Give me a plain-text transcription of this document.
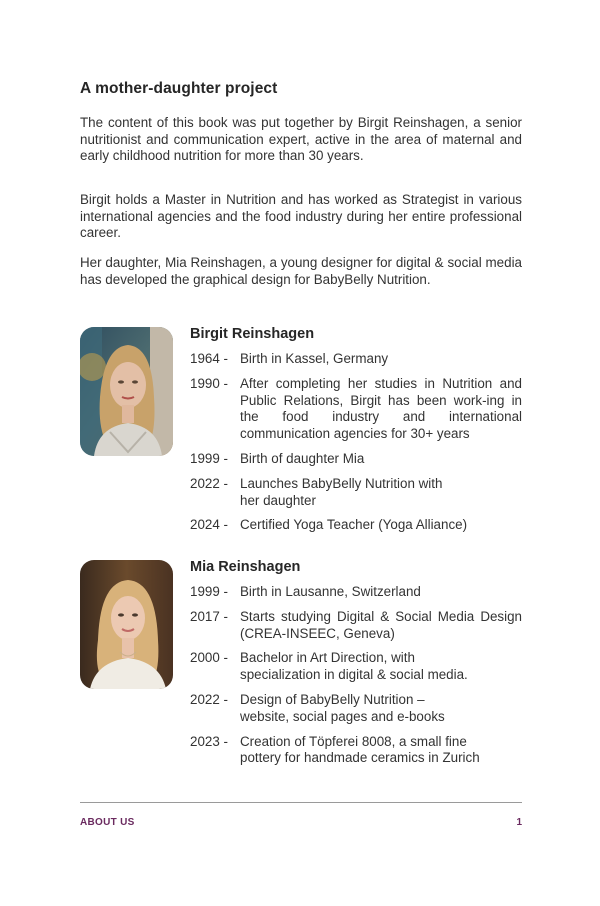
A mother-daughter project

The content of this book was put together by Birgit Reinshagen, a senior nutritionist and communication expert, active in the area of maternal and early childhood nutrition for more than 30 years.

Birgit holds a Master in Nutrition and has worked as Strategist in various international agencies and the food industry during her entire professional career.

Her daughter, Mia Reinshagen, a young designer for digital & social media has developed the graphical design for BabyBelly Nutrition.

Birgit Reinshagen
1964 - Birth in Kassel, Germany
1990 - After completing her studies in Nutrition and Public Relations, Birgit has been work-ing in the food industry and international communication agencies for 30+ years
1999 - Birth of daughter Mia
2022 - Launches BabyBelly Nutrition with
her daughter
2024 - Certified Yoga Teacher (Yoga Alliance)
Mia Reinshagen
1999 - Birth in Lausanne, Switzerland
2017 - Starts studying Digital & Social Media Design (CREA-INSEEC, Geneva)
2000 - Bachelor in Art Direction, with
specialization in digital & social media.
2022 - Design of BabyBelly Nutrition –
website, social pages and e-books
2023 - Creation of Töpferei 8008, a small fine
pottery for handmade ceramics in Zurich
ABOUT US	1
